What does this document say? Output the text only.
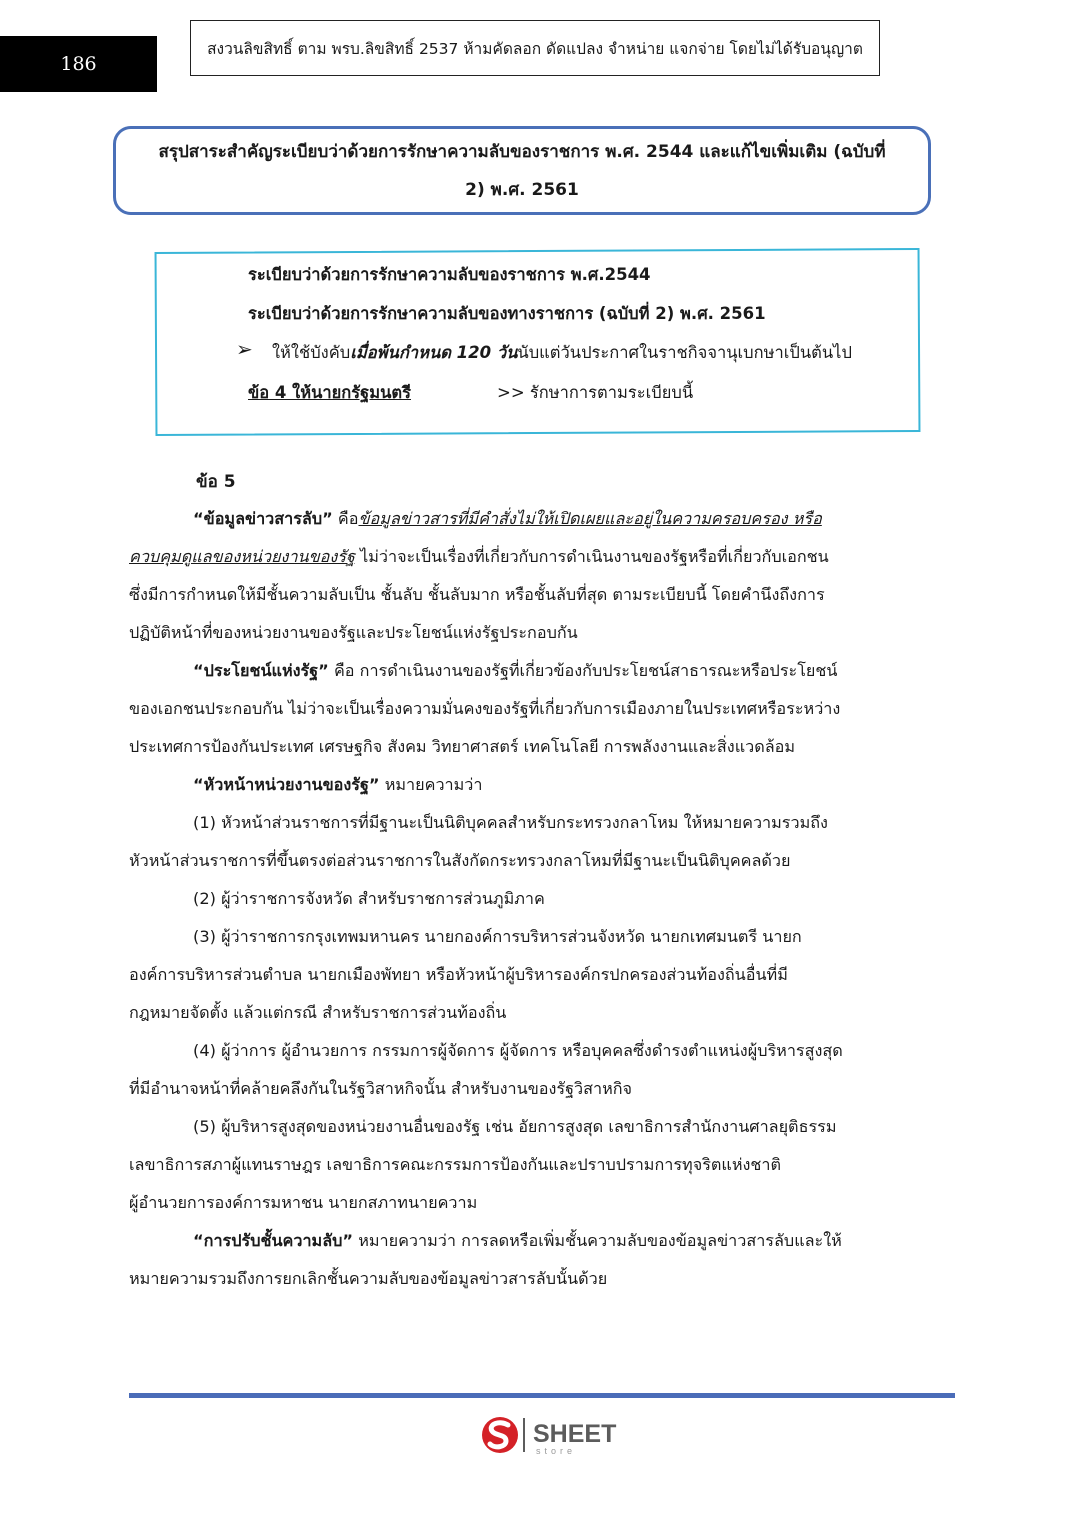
186
สงวนลิขสิทธิ์ ตาม พรบ.ลิขสิทธิ์ 2537 ห้ามคัดลอก ดัดแปลง จำหน่าย แจกจ่าย โดยไม่ได้รับอนุญาต
สรุปสาระสำคัญระเบียบว่าด้วยการรักษาความลับของราชการ พ.ศ. 2544 และแก้ไขเพิ่มเติม (ฉบับที่
2) พ.ศ. 2561
ระเบียบว่าด้วยการรักษาความลับของราชการ พ.ศ.2544
ระเบียบว่าด้วยการรักษาความลับของทางราชการ (ฉบับที่ 2) พ.ศ. 2561
➢ ให้ใช้บังคับเมื่อพ้นกำหนด 120 วันนับแต่วันประกาศในราชกิจจานุเบกษาเป็นต้นไป
ข้อ 4 ให้นายกรัฐมนตรี	>> รักษาการตามระเบียบนี้
ข้อ 5
“ข้อมูลข่าวสารลับ” คือข้อมูลข่าวสารที่มีคำสั่งไม่ให้เปิดเผยและอยู่ในความครอบครอง หรือ
ควบคุมดูแลของหน่วยงานของรัฐ ไม่ว่าจะเป็นเรื่องที่เกี่ยวกับการดำเนินงานของรัฐหรือที่เกี่ยวกับเอกชน
ซึ่งมีการกำหนดให้มีชั้นความลับเป็น ชั้นลับ ชั้นลับมาก หรือชั้นลับที่สุด ตามระเบียบนี้ โดยคำนึงถึงการ
ปฏิบัติหน้าที่ของหน่วยงานของรัฐและประโยชน์แห่งรัฐประกอบกัน
“ประโยชน์แห่งรัฐ” คือ การดำเนินงานของรัฐที่เกี่ยวข้องกับประโยชน์สาธารณะหรือประโยชน์
ของเอกชนประกอบกัน ไม่ว่าจะเป็นเรื่องความมั่นคงของรัฐที่เกี่ยวกับการเมืองภายในประเทศหรือระหว่าง
ประเทศการป้องกันประเทศ เศรษฐกิจ สังคม วิทยาศาสตร์ เทคโนโลยี การพลังงานและสิ่งแวดล้อม
“หัวหน้าหน่วยงานของรัฐ” หมายความว่า
(1) หัวหน้าส่วนราชการที่มีฐานะเป็นนิติบุคคลสำหรับกระทรวงกลาโหม ให้หมายความรวมถึง
หัวหน้าส่วนราชการที่ขึ้นตรงต่อส่วนราชการในสังกัดกระทรวงกลาโหมที่มีฐานะเป็นนิติบุคคลด้วย
(2) ผู้ว่าราชการจังหวัด สำหรับราชการส่วนภูมิภาค
(3) ผู้ว่าราชการกรุงเทพมหานคร นายกองค์การบริหารส่วนจังหวัด นายกเทศมนตรี นายก
องค์การบริหารส่วนตำบล นายกเมืองพัทยา หรือหัวหน้าผู้บริหารองค์กรปกครองส่วนท้องถิ่นอื่นที่มี
กฎหมายจัดตั้ง แล้วแต่กรณี สำหรับราชการส่วนท้องถิ่น
(4) ผู้ว่าการ ผู้อำนวยการ กรรมการผู้จัดการ ผู้จัดการ หรือบุคคลซึ่งดำรงตำแหน่งผู้บริหารสูงสุด
ที่มีอำนาจหน้าที่คล้ายคลึงกันในรัฐวิสาหกิจนั้น สำหรับงานของรัฐวิสาหกิจ
(5) ผู้บริหารสูงสุดของหน่วยงานอื่นของรัฐ เช่น อัยการสูงสุด เลขาธิการสำนักงานศาลยุติธรรม
เลขาธิการสภาผู้แทนราษฎร เลขาธิการคณะกรรมการป้องกันและปราบปรามการทุจริตแห่งชาติ
ผู้อำนวยการองค์การมหาชน นายกสภาทนายความ
“การปรับชั้นความลับ” หมายความว่า การลดหรือเพิ่มชั้นความลับของข้อมูลข่าวสารลับและให้
หมายความรวมถึงการยกเลิกชั้นความลับของข้อมูลข่าวสารลับนั้นด้วย
SHEET
store
